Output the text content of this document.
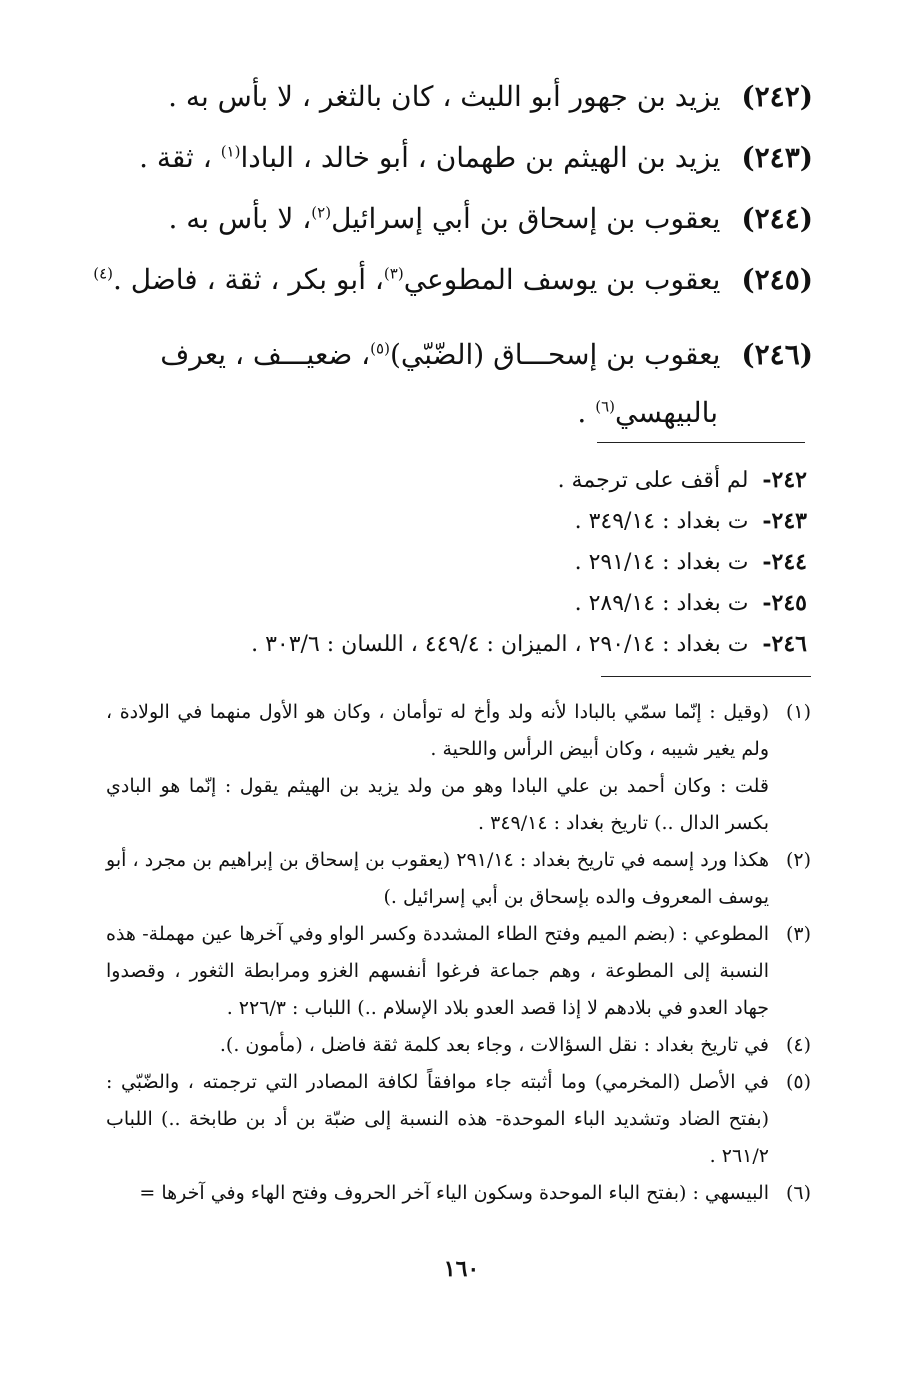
(٢٤٢) يزيد بن جهور أبو الليث ، كان بالثغر ، لا بأس به .
(٢٤٣) يزيد بن الهيثم بن طهمان ، أبو خالد ، البادا$^{(١)}$ ، ثقة .
(٢٤٤) يعقوب بن إسحاق بن أبي إسرائيل$^{(٢)}$، لا بأس به .
(٢٤٥) يعقوب بن يوسف المطوعي$^{(٣)}$، أبو بكر ، ثقة ، فاضل .$^{(٤)}$
(٢٤٦) يعقوب بن إسحـــاق (الضّبّي)$^{(٥)}$، ضعيـــف ، يعرف
بالبيهسي$^{(٦)}$ .
٢٤٢-لم أقف على ترجمة .
٢٤٣-ت بغداد : ٣٤٩/١٤ .
٢٤٤-ت بغداد : ٢٩١/١٤ .
٢٤٥-ت بغداد : ٢٨٩/١٤ .
٢٤٦-ت بغداد : ٢٩٠/١٤ ، الميزان : ٤٤٩/٤ ، اللسان : ٣٠٣/٦ .
(١)

(وقيل : إنّما سمّي بالبادا لأنه ولد وأخ له توأمان ، وكان هو الأول منهما في الولادة ، ولم يغير شيبه ، وكان أبيض الرأس واللحية .

قلت : وكان أحمد بن علي البادا وهو من ولد يزيد بن الهيثم يقول : إنّما هو البادي بكسر الدال ..) تاريخ بغداد : ٣٤٩/١٤ .

(٢)

هكذا ورد إسمه في تاريخ بغداد : ٢٩١/١٤ (يعقوب بن إسحاق بن إبراهيم بن مجرد ، أبو يوسف المعروف والده بإسحاق بن أبي إسرائيل .)

(٣)

المطوعي : (بضم الميم وفتح الطاء المشددة وكسر الواو وفي آخرها عين مهملة- هذه النسبة إلى المطوعة ، وهم جماعة فرغوا أنفسهم الغزو ومرابطة الثغور ، وقصدوا جهاد العدو في بلادهم لا إذا قصد العدو بلاد الإسلام ..) اللباب : ٢٢٦/٣ .

(٤)

في تاريخ بغداد : نقل السؤالات ، وجاء بعد كلمة ثقة فاضل ، (مأمون .).

(٥)

في الأصل (المخرمي) وما أثبته جاء موافقاً لكافة المصادر التي ترجمته ، والضّبّي : (بفتح الضاد وتشديد الباء الموحدة- هذه النسبة إلى ضبّة بن أد بن طابخة ..) اللباب ٢٦١/٢ .

(٦)

البيسهي : (بفتح الباء الموحدة وسكون الياء آخر الحروف وفتح الهاء وفي آخرها =

١٦٠
